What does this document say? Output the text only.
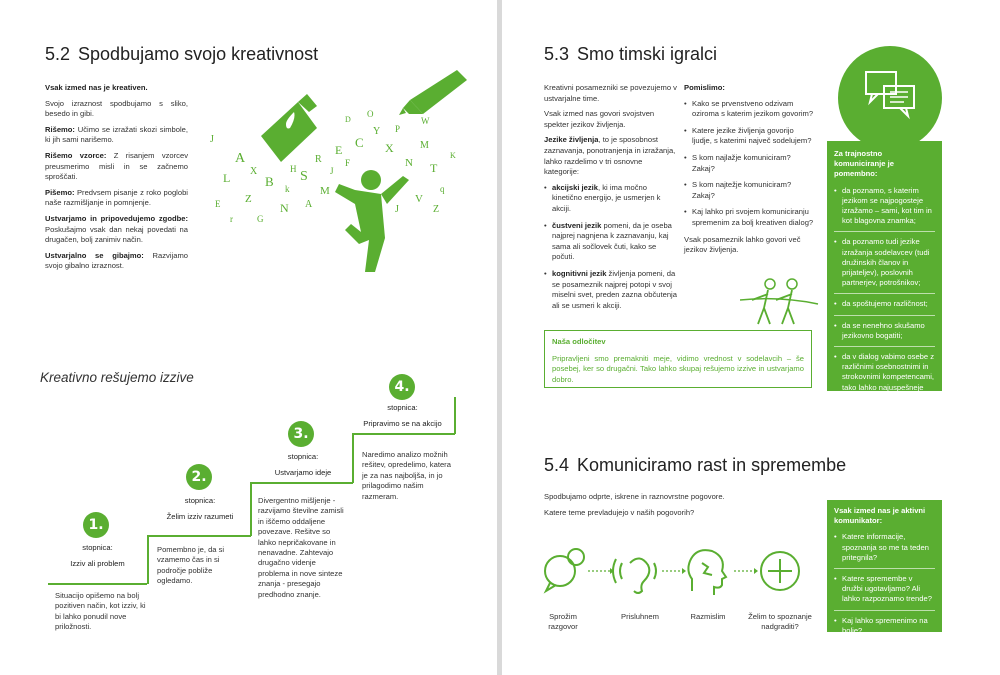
5.2 Spodbujamo svojo kreativnost

Vsak izmed nas je kreativen.

Svojo izraznost spodbujamo s sliko, besedo in gibi.

Rišemo: Učimo se izražati skozi simbole, ki jih sami narišemo.

Rišemo vzorce: Z risanjem vzorcev preusmerimo misli in se začnemo sproščati.

Pišemo: Predvsem pisanje z roko poglobi naše razmišljanje in pomnjenje.

Ustvarjamo in pripovedujemo zgodbe: Poskušajmo vsak dan nekaj povedati na drugačen, bolj zanimiv način.

Ustvarjalno se gibajmo: Razvijamo svojo gibalno izraznost.

A
X
L	B
Z
k
S
R
E
J
C
Y
X
P
N
M
T
q
V
Z
J
E	N A
M
F
G
J
K
O
D	W
H
r
Kreativno rešujemo izzive
1.
stopnica:
Izziv ali problem
Situacijo opišemo na bolj pozitiven način, kot izziv, ki bi lahko ponudil nove priložnosti.
2.
stopnica:
Želim izziv razumeti
Pomembno je, da si vzamemo čas in si področje pobliže ogledamo.
3.
stopnica:
Ustvarjamo ideje
Divergentno mišljenje - razvijamo številne zamisli in iščemo oddaljene povezave. Rešitve so lahko nepričakovane in nenavadne. Zahtevajo drugačno videnje problema in nove sinteze znanja - presegajo predhodno znanje.
4.
stopnica:
Pripravimo se na akcijo
Naredimo analizo možnih rešitev, opredelimo, katera je za nas najboljša, in jo prilagodimo našim razmeram.
5.3 Smo timski igralci

Kreativni posamezniki se povezujemo v ustvarjalne time.

Vsak izmed nas govori svojstven spekter jezikov življenja.

Jezike življenja, to je sposobnost zaznavanja, ponotranjenja in izražanja, lahko razdelimo v tri osnovne kategorije:

• akcijski jezik, ki ima močno kinetično energijo, je usmerjen k akciji.
• čustveni jezik pomeni, da je oseba najprej nagnjena k zaznavanju, kaj sama ali sočlovek čuti, kako se počuti.
• kognitivni jezik življenja pomeni, da se posameznik najprej potopi v svoj miselni svet, preden zazna občutenja ali se usmeri k akciji.

Pomislimo:

• Kako se prvenstveno odzivam oziroma s katerim jezikom govorim?
• Katere jezike življenja govorijo ljudje, s katerimi največ sodelujem?
• S kom najlažje komuniciram? Zakaj?
• S kom najtežje komuniciram? Zakaj?
• Kaj lahko pri svojem komuniciranju spremenim za bolj kreativen dialog?

Vsak posameznik lahko govori več jezikov življenja.

Naša odločitev
Pripravljeni smo premakniti meje, vidimo vrednost v sodelavcih – še posebej, ker so drugačni. Tako lahko skupaj rešujemo izzive in ustvarjamo dobro.
Za trajnostno komuniciranje je pomembno:
• da poznamo, s katerim jezikom se najpogosteje izražamo – sami, kot tim in kot blagovna znamka;
• da poznamo tudi jezike izražanja sodelavcev (tudi družinskih članov in prijateljev), poslovnih partnerjev, potrošnikov;
• da spoštujemo različnost;
• da se nenehno skušamo jezikovno bogatiti;
• da v dialog vabimo osebe z različnimi osebnostnimi in strokovnimi kompetencami, tako lahko najuspešneje sokreiramo in soinoviramo.
5.4 Komuniciramo rast in spremembe

Spodbujamo odprte, iskrene in raznovrstne pogovore.

Katere teme prevladujejo v naših pogovorih?

Sprožim
razgovor
Prisluhnem	Razmislim	Želim to spoznanje
nadgraditi?
Vsak izmed nas je aktivni komunikator:
• Katere informacije, spoznanja so me ta teden pritegnila?
• Katere spremembe v družbi ugotavljamo? Ali lahko razpoznamo trende?
• Kaj lahko spremenimo na bolje?
Nova spoznanja komuniciramo.
